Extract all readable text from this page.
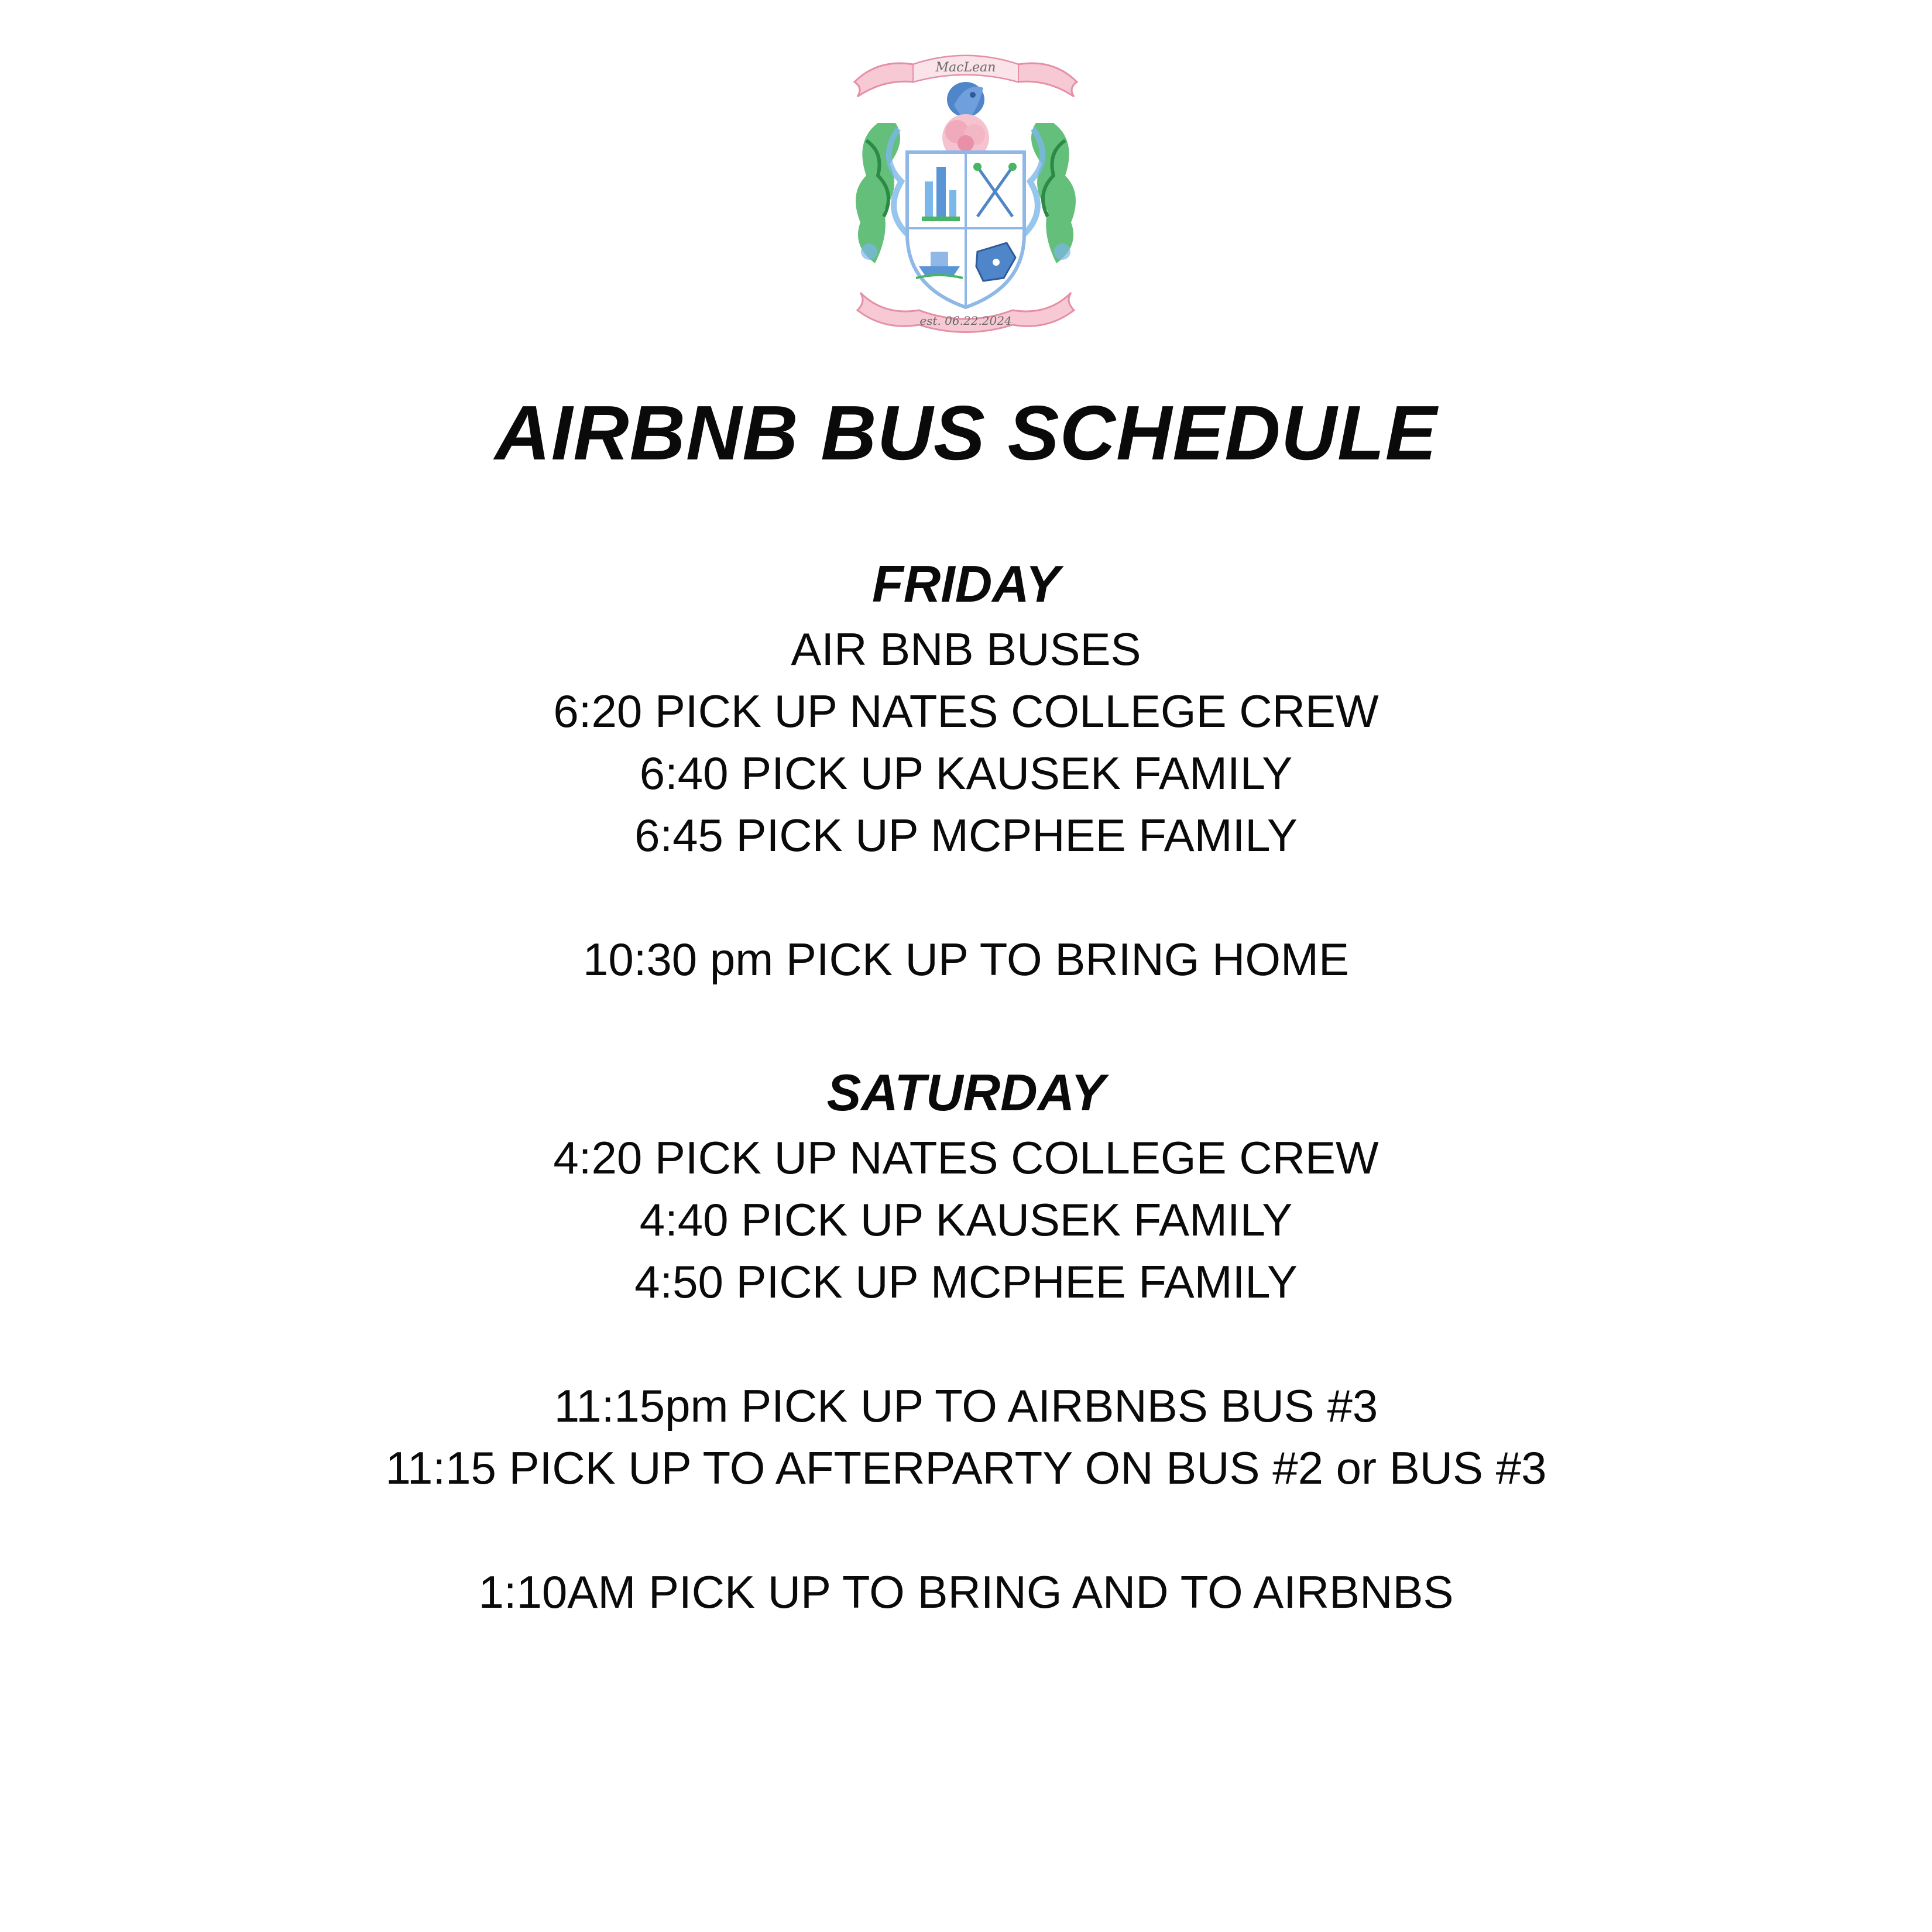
MacLean
est. 06.22.2024
AIRBNB BUS SCHEDULE
FRIDAY
AIR BNB BUSES
6:20 PICK UP NATES COLLEGE CREW
6:40 PICK UP KAUSEK FAMILY
6:45 PICK UP MCPHEE FAMILY
10:30 pm PICK UP TO BRING HOME
SATURDAY
4:20 PICK UP NATES COLLEGE CREW
4:40 PICK UP KAUSEK FAMILY
4:50 PICK UP MCPHEE FAMILY
11:15pm PICK UP TO AIRBNBS BUS #3
11:15 PICK UP TO AFTERPARTY ON BUS #2 or BUS #3
1:10AM PICK UP TO BRING AND TO AIRBNBS
